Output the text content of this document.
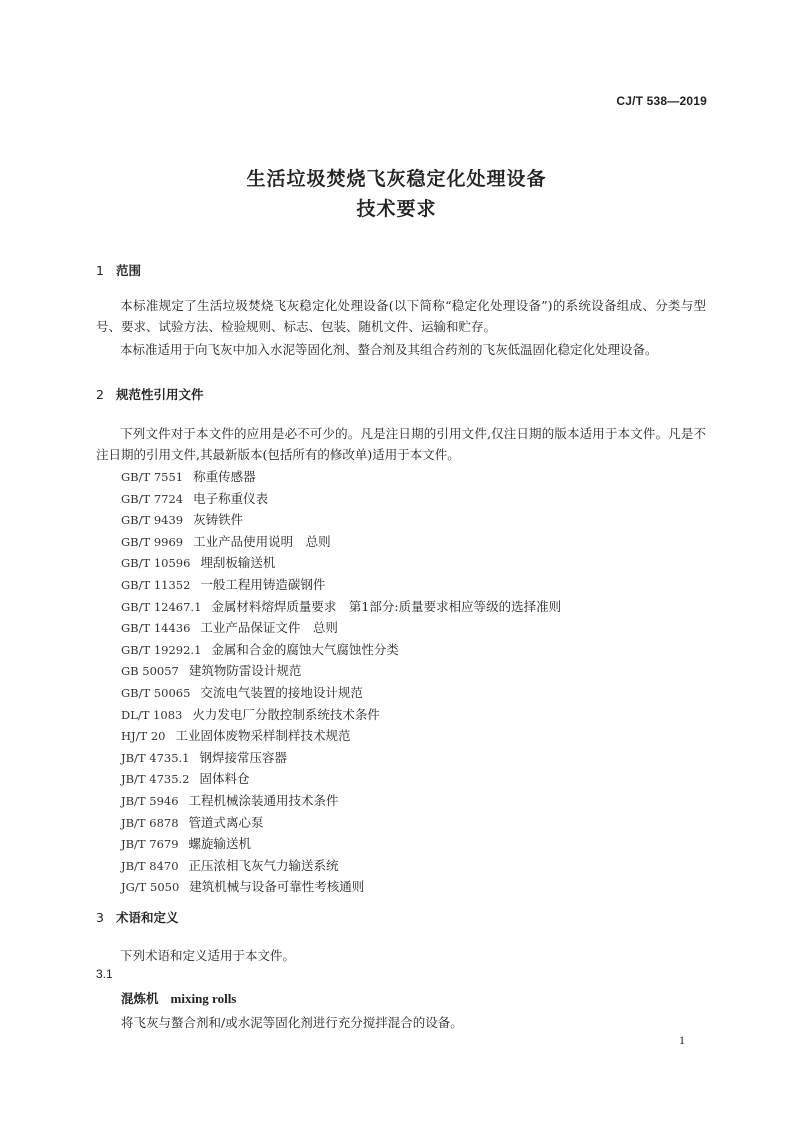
CJ/T 538—2019
生活垃圾焚烧飞灰稳定化处理设备
技术要求
1 范围
本标准规定了生活垃圾焚烧飞灰稳定化处理设备(以下简称“稳定化处理设备”)的系统设备组成、分类与型号、要求、试验方法、检验规则、标志、包装、随机文件、运输和贮存。
本标准适用于向飞灰中加入水泥等固化剂、螯合剂及其组合药剂的飞灰低温固化稳定化处理设备。
2 规范性引用文件
下列文件对于本文件的应用是必不可少的。凡是注日期的引用文件,仅注日期的版本适用于本文件。凡是不注日期的引用文件,其最新版本(包括所有的修改单)适用于本文件。
GB/T 7551 称重传感器
GB/T 7724 电子称重仪表
GB/T 9439 灰铸铁件
GB/T 9969 工业产品使用说明　总则
GB/T 10596 埋刮板输送机
GB/T 11352 一般工程用铸造碳钢件
GB/T 12467.1 金属材料熔焊质量要求　第1部分:质量要求相应等级的选择准则
GB/T 14436 工业产品保证文件　总则
GB/T 19292.1 金属和合金的腐蚀大气腐蚀性分类
GB 50057 建筑物防雷设计规范
GB/T 50065 交流电气装置的接地设计规范
DL/T 1083 火力发电厂分散控制系统技术条件
HJ/T 20 工业固体废物采样制样技术规范
JB/T 4735.1 钢焊接常压容器
JB/T 4735.2 固体料仓
JB/T 5946 工程机械涂装通用技术条件
JB/T 6878 管道式离心泵
JB/T 7679 螺旋输送机
JB/T 8470 正压浓相飞灰气力输送系统
JG/T 5050 建筑机械与设备可靠性考核通则
3 术语和定义
下列术语和定义适用于本文件。
3.1
混炼机 mixing rolls
将飞灰与螯合剂和/或水泥等固化剂进行充分搅拌混合的设备。
1
